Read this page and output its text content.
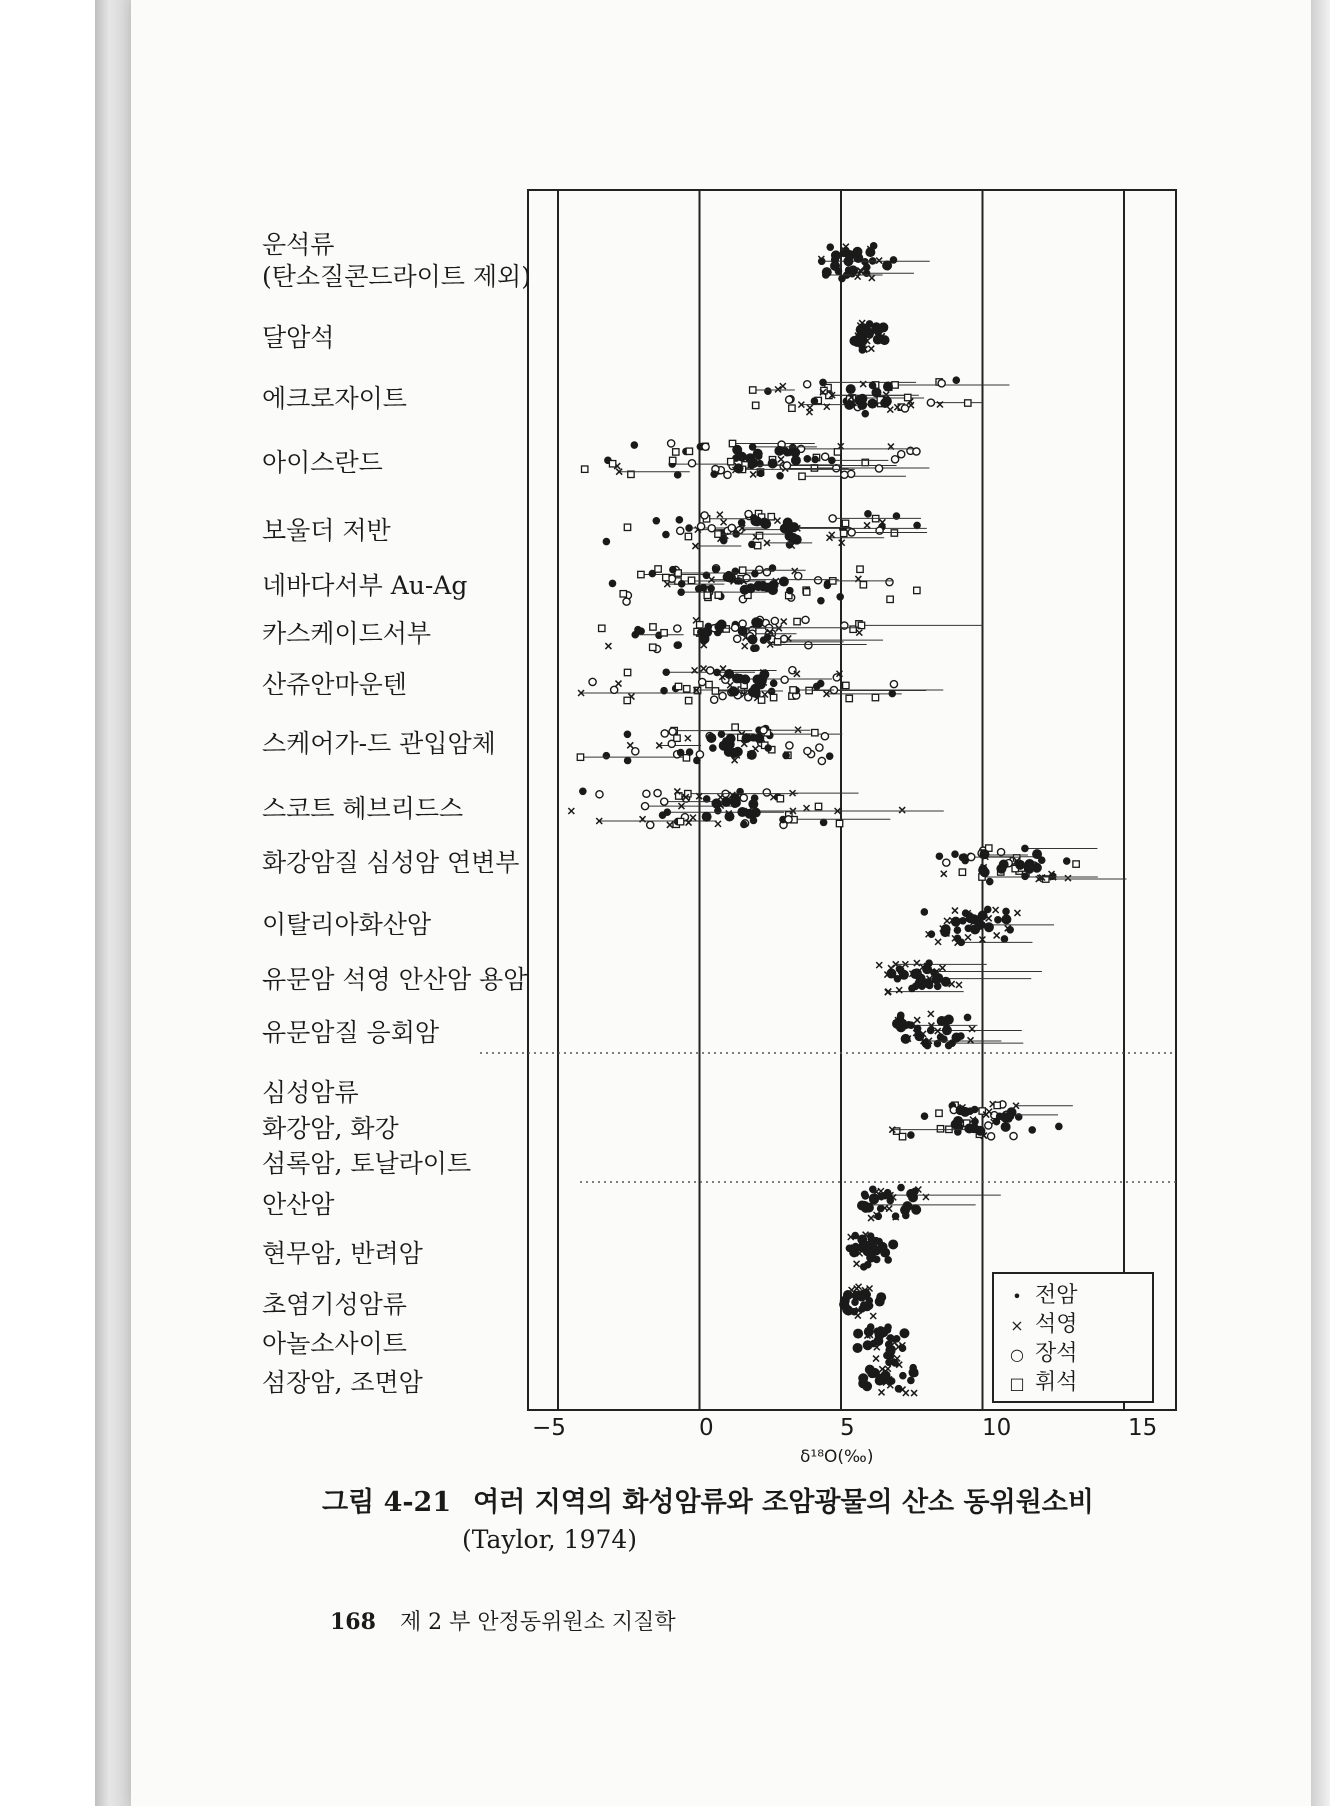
운석류
(탄소질콘드라이트 제외)
달암석
에크로자이트
아이스란드
보울더 저반
네바다서부 Au-Ag
카스케이드서부
산쥬안마운텐
스케어가-드 관입암체
스코트 헤브리드스
화강암질 심성암 연변부
이탈리아화산암
유문암 석영 안산암 용암
유문암질 응회암
심성암류
화강암, 화강
섬록암, 토날라이트
안산암
현무암, 반려암
초염기성암류
아놀소사이트
섬장암, 조면암
−5	0	5	10	15
δ¹⁸O(‰)
• 전암
× 석영
○ 장석
□ 휘석
그림 4-21 여러 지역의 화성암류와 조암광물의 산소 동위원소비
(Taylor, 1974)
168 제 2 부 안정동위원소 지질학
